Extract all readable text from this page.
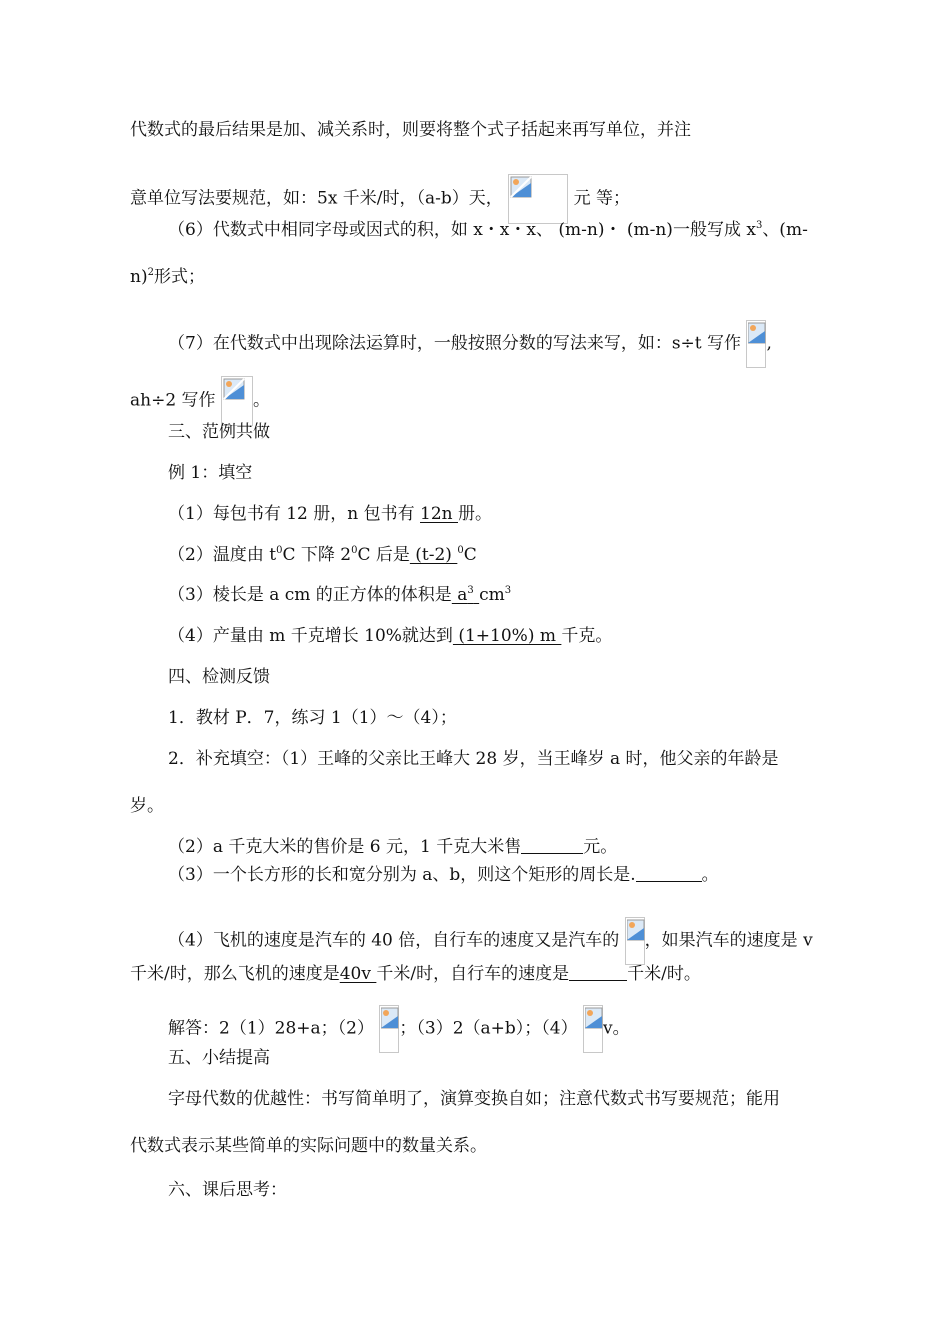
代数式的最后结果是加、减关系时，则要将整个式子括起来再写单位，并注
意单位写法要规范，如：5x 千米/时，（a-b）天，	元 等；
（6）代数式中相同字母或因式的积，如 x・x・x、 (m-n)・ (m-n)一般写成 $x^3$、(m-
n)$^2$形式；
（7）在代数式中出现除法运算时，一般按照分数的写法来写，如：s÷t 写作 ,
ah÷2 写作 。
三、范例共做
例 1：填空
（1）每包书有 12 册，n 包书有 12n 册。
（2）温度由 $t^0C$ 下降 $2^0C$ 后是 (t-2) $^0$C
（3）棱长是 a cm 的正方体的体积是 $a^3$ $cm^3$
（4）产量由 m 千克增长 10%就达到 (1+10%) m 千克。
四、检测反馈
1．教材 P．7，练习 1（1）～（4）；
2．补充填空：（1）王峰的父亲比王峰大 28 岁，当王峰岁 a 时，他父亲的年龄是
岁。
（2）a 千克大米的售价是 6 元，1 千克大米售	元。
（3）一个长方形的长和宽分别为 a、b，则这个矩形的周长是.	。
（4）飞机的速度是汽车的 40 倍，自行车的速度又是汽车的 ，如果汽车的速度是 v
千米/时，那么飞机的速度是40v 千米/时，自行车的速度是	千米/时。
解答：2（1）28+a；（2） ；（3）2（a+b）；（4） v。
五、小结提高
字母代数的优越性：书写简单明了，演算变换自如；注意代数式书写要规范；能用
代数式表示某些简单的实际问题中的数量关系。
六、课后思考：
